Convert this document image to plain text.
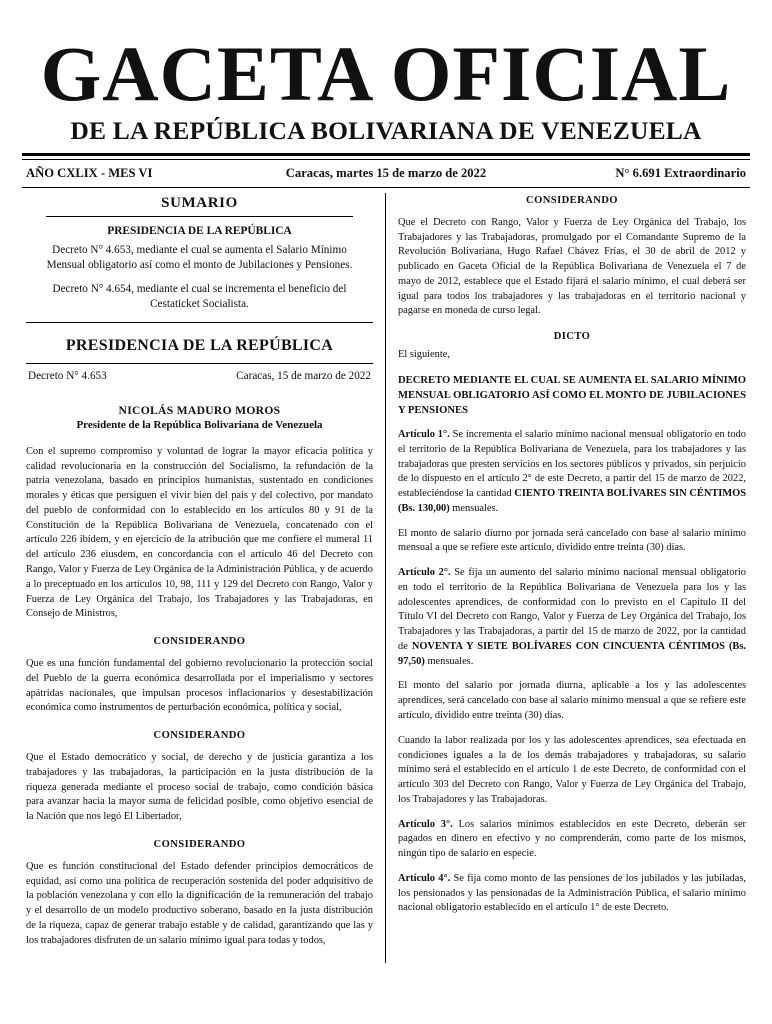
GACETA OFICIAL
DE LA REPÚBLICA BOLIVARIANA DE VENEZUELA
AÑO CXLIX - MES VI	Caracas, martes 15 de marzo de 2022	N° 6.691 Extraordinario
SUMARIO
PRESIDENCIA DE LA REPÚBLICA

Decreto N° 4.653, mediante el cual se aumenta el Salario Mínimo Mensual obligatorio así como el monto de Jubilaciones y Pensiones.

Decreto N° 4.654, mediante el cual se incrementa el beneficio del Cestaticket Socialista.

PRESIDENCIA DE LA REPÚBLICA
Decreto N° 4.653	Caracas, 15 de marzo de 2022
NICOLÁS MADURO MOROS
Presidente de la República Bolivariana de Venezuela

Con el supremo compromiso y voluntad de lograr la mayor eficacia política y calidad revolucionaria en la construcción del Socialismo, la refundación de la patria venezolana, basado en principios humanistas, sustentado en condiciones morales y éticas que persiguen el vivir bien del país y del colectivo, por mandato del pueblo de conformidad con lo establecido en los artículos 80 y 91 de la Constitución de la República Bolivariana de Venezuela, concatenado con el artículo 226 ibídem, y en ejercicio de la atribución que me confiere el numeral 11 del artículo 236 eiusdem, en concordancia con el artículo 46 del Decreto con Rango, Valor y Fuerza de Ley Orgánica de la Administración Pública, y de acuerdo a lo preceptuado en los artículos 10, 98, 111 y 129 del Decreto con Rango, Valor y Fuerza de Ley Orgánica del Trabajo, los Trabajadores y las Trabajadoras, en Consejo de Ministros,

CONSIDERANDO

Que es una función fundamental del gobierno revolucionario la protección social del Pueblo de la guerra económica desarrollada por el imperialismo y sectores apátridas nacionales, que impulsan procesos inflacionarios y desestabilización económica como instrumentos de perturbación económica, política y social,

CONSIDERANDO

Que el Estado democrático y social, de derecho y de justicia garantiza a los trabajadores y las trabajadoras, la participación en la justa distribución de la riqueza generada mediante el proceso social de trabajo, como condición básica para avanzar hacia la mayor suma de felicidad posible, como objetivo esencial de la Nación que nos legó El Libertador,

CONSIDERANDO

Que es función constitucional del Estado defender principios democráticos de equidad, así como una política de recuperación sostenida del poder adquisitivo de la población venezolana y con ello la dignificación de la remuneración del trabajo y el desarrollo de un modelo productivo soberano, basado en la justa distribución de la riqueza, capaz de generar trabajo estable y de calidad, garantizando que las y los trabajadores disfruten de un salario mínimo igual para todas y todos,

CONSIDERANDO

Que el Decreto con Rango, Valor y Fuerza de Ley Orgánica del Trabajo, los Trabajadores y las Trabajadoras, promulgado por el Comandante Supremo de la Revolución Bolivariana, Hugo Rafael Chávez Frías, el 30 de abril de 2012 y publicado en Gaceta Oficial de la República Bolivariana de Venezuela el 7 de mayo de 2012, establece que el Estado fijará el salario mínimo, el cual deberá ser igual para todos los trabajadores y las trabajadoras en el territorio nacional y pagarse en moneda de curso legal.

DICTO

El siguiente,

DECRETO MEDIANTE EL CUAL SE AUMENTA EL SALARIO MÍNIMO MENSUAL OBLIGATORIO ASÍ COMO EL MONTO DE JUBILACIONES Y PENSIONES

Artículo 1°. Se incrementa el salario mínimo nacional mensual obligatorio en todo el territorio de la República Bolivariana de Venezuela, para los trabajadores y las trabajadoras que presten servicios en los sectores públicos y privados, sin perjuicio de lo dispuesto en el artículo 2° de este Decreto, a partir del 15 de marzo de 2022, estableciéndose la cantidad CIENTO TREINTA BOLÍVARES SIN CÉNTIMOS (Bs. 130,00) mensuales.

El monto de salario diurno por jornada será cancelado con base al salario mínimo mensual a que se refiere este artículo, dividido entre treinta (30) días.

Artículo 2°. Se fija un aumento del salario mínimo nacional mensual obligatorio en todo el territorio de la República Bolivariana de Venezuela para los y las adolescentes aprendices, de conformidad con lo previsto en el Capítulo II del Título VI del Decreto con Rango, Valor y Fuerza de Ley Orgánica del Trabajo, los Trabajadores y las Trabajadoras, a partir del 15 de marzo de 2022, por la cantidad de NOVENTA Y SIETE BOLÍVARES CON CINCUENTA CÉNTIMOS (Bs. 97,50) mensuales.

El monto del salario por jornada diurna, aplicable a los y las adolescentes aprendices, será cancelado con base al salario mínimo mensual a que se refiere este artículo, dividido entre treinta (30) días.

Cuando la labor realizada por los y las adolescentes aprendices, sea efectuada en condiciones iguales a la de los demás trabajadores y trabajadoras, su salario mínimo será el establecido en el artículo 1 de este Decreto, de conformidad con el artículo 303 del Decreto con Rango, Valor y Fuerza de Ley Orgánica del Trabajo, los Trabajadores y las Trabajadoras.

Artículo 3°. Los salarios mínimos establecidos en este Decreto, deberán ser pagados en dinero en efectivo y no comprenderán, como parte de los mismos, ningún tipo de salario en especie.

Artículo 4°. Se fija como monto de las pensiones de los jubilados y las jubiladas, los pensionados y las pensionadas de la Administración Pública, el salario mínimo nacional obligatorio establecido en el artículo 1° de este Decreto.
